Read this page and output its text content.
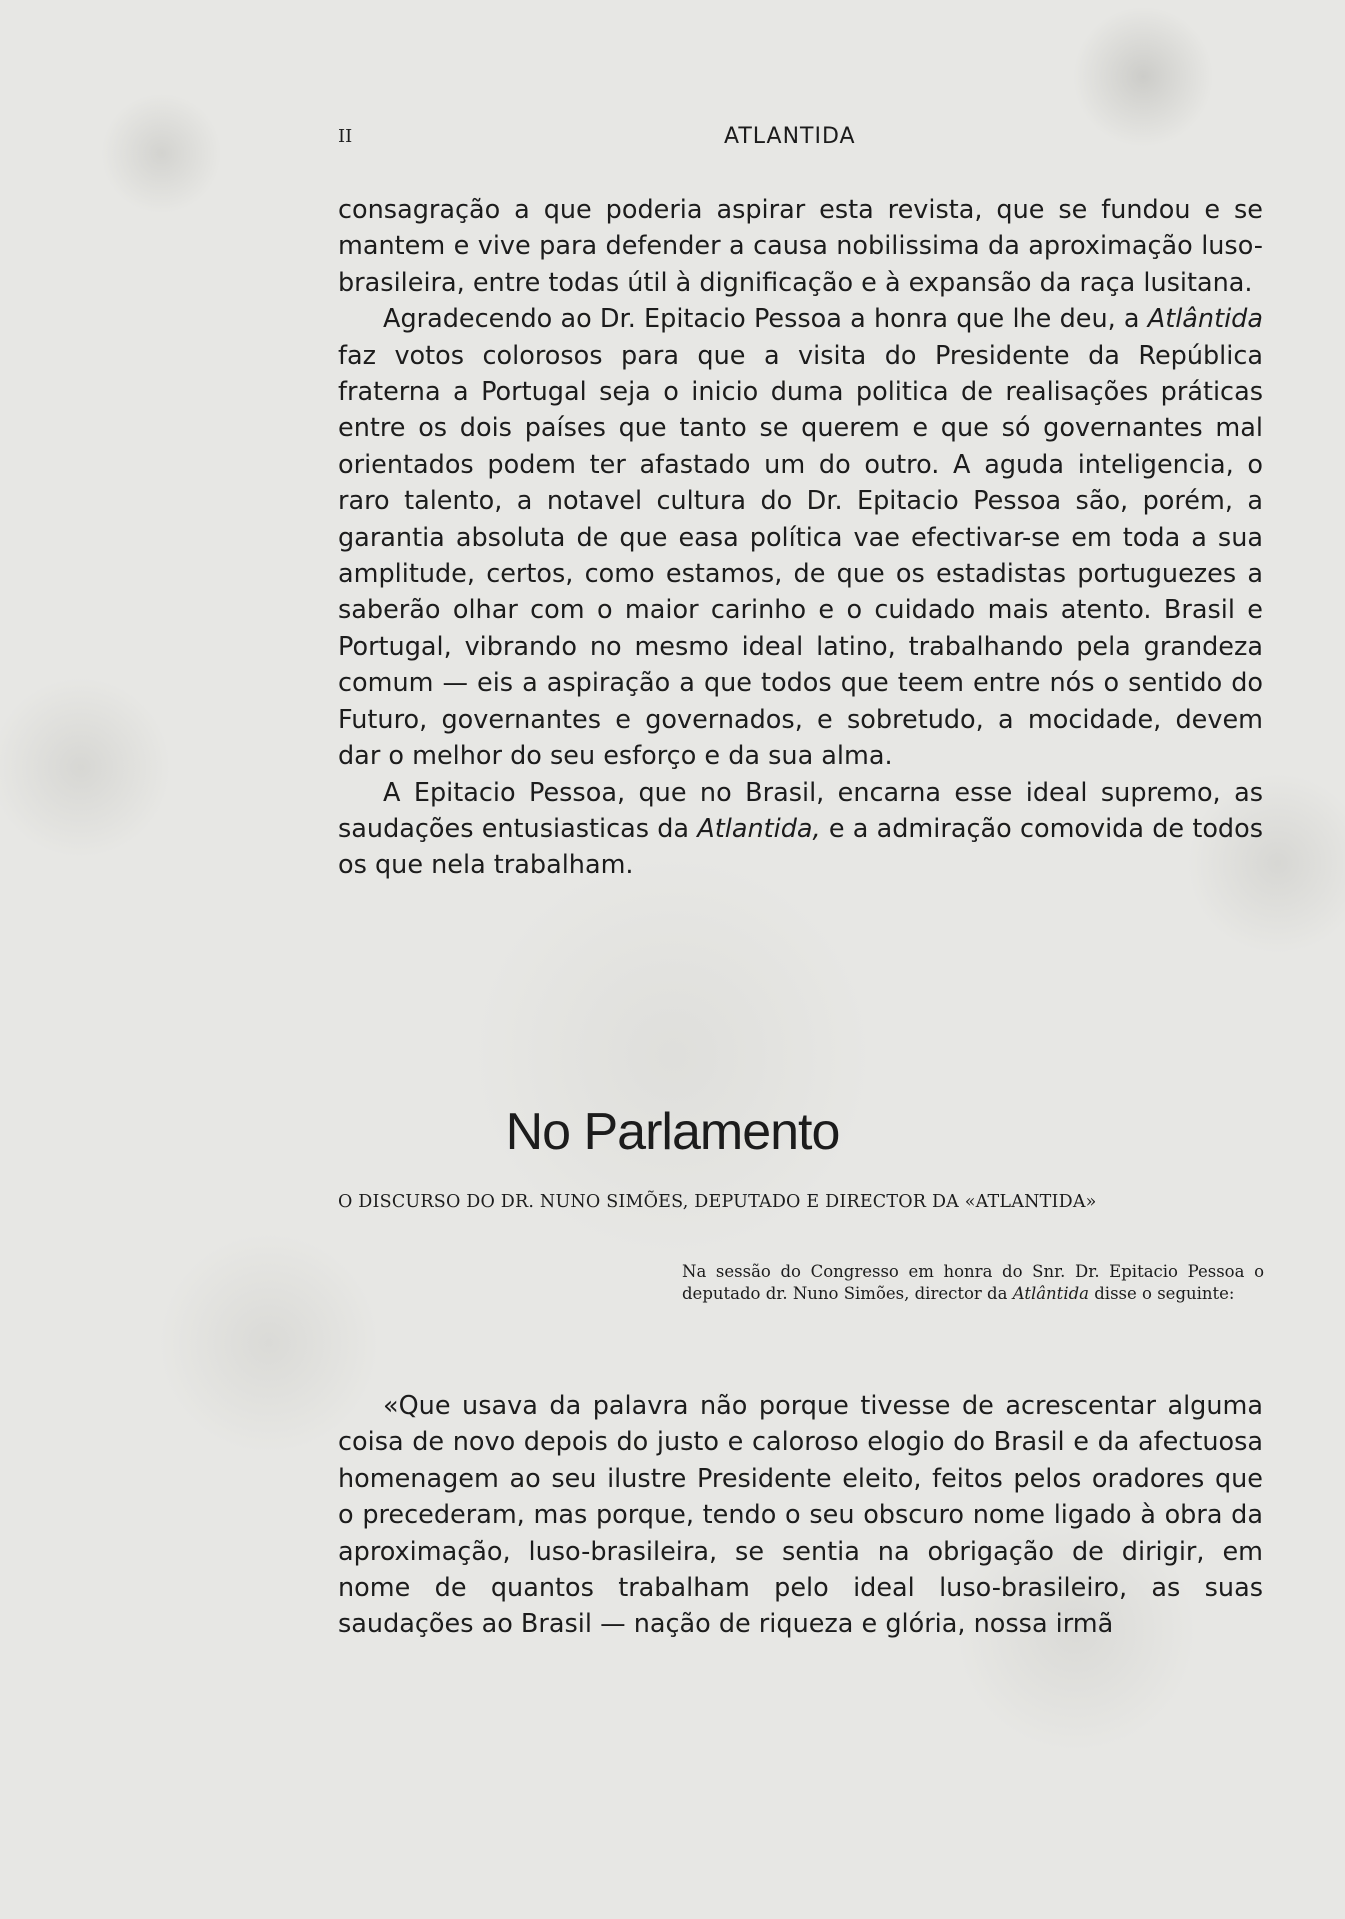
II	ATLANTIDA

consagração a que poderia aspirar esta revista, que se fundou e se mantem e vive para defender a causa nobilissima da aproximação luso-brasileira, entre todas útil à dignificação e à expansão da raça lusitana.

Agradecendo ao Dr. Epitacio Pessoa a honra que lhe deu, a Atlântida faz votos colorosos para que a visita do Presidente da República fraterna a Portugal seja o inicio duma politica de realisações práticas entre os dois países que tanto se querem e que só governantes mal orientados podem ter afastado um do outro. A aguda inteligencia, o raro talento, a notavel cultura do Dr. Epitacio Pessoa são, porém, a garantia absoluta de que easa política vae efectivar-se em toda a sua amplitude, certos, como estamos, de que os estadistas portuguezes a saberão olhar com o maior carinho e o cuidado mais atento. Brasil e Portugal, vibrando no mesmo ideal latino, trabalhando pela grandeza comum — eis a aspiração a que todos que teem entre nós o sentido do Futuro, governantes e governados, e sobretudo, a mocidade, devem dar o melhor do seu esforço e da sua alma.

A Epitacio Pessoa, que no Brasil, encarna esse ideal supremo, as saudações entusiasticas da Atlantida, e a admiração comovida de todos os que nela trabalham.

No Parlamento
O DISCURSO DO DR. NUNO SIMÕES, DEPUTADO E DIRECTOR DA «ATLANTIDA»
Na sessão do Congresso em honra do Snr. Dr. Epitacio Pessoa o deputado dr. Nuno Simões, director da Atlântida disse o seguinte:

«Que usava da palavra não porque tivesse de acrescentar alguma coisa de novo depois do justo e caloroso elogio do Brasil e da afectuosa homenagem ao seu ilustre Presidente eleito, feitos pelos oradores que o precederam, mas porque, tendo o seu obscuro nome ligado à obra da aproximação, luso-brasileira, se sentia na obrigação de dirigir, em nome de quantos trabalham pelo ideal luso-brasileiro, as suas saudações ao Brasil — nação de riqueza e glória, nossa irmã
